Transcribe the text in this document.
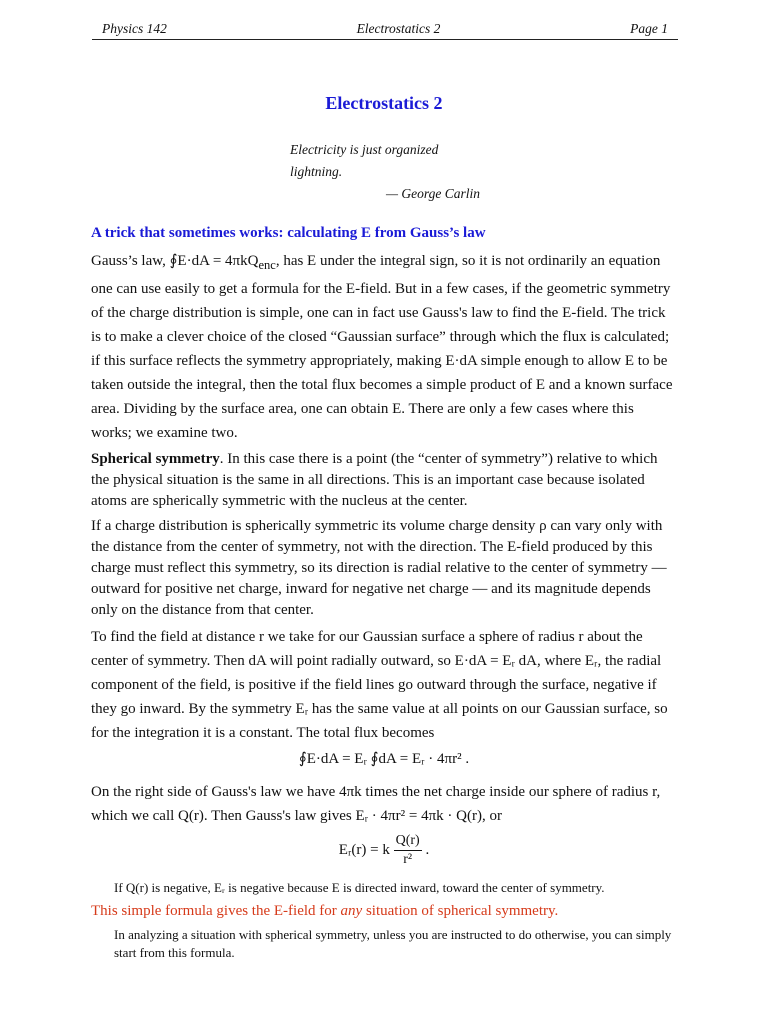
Physics 142	Electrostatics 2	Page 1
Electrostatics 2
Electricity is just organized lightning.
— George Carlin
A trick that sometimes works: calculating E from Gauss’s law

Gauss’s law, ∮E·dA = 4πkQ$_{enc}$, has E under the integral sign, so it is not ordinarily an equation one can use easily to get a formula for the E-field. But in a few cases, if the geometric symmetry of the charge distribution is simple, one can in fact use Gauss's law to find the E-field. The trick is to make a clever choice of the closed “Gaussian surface” through which the flux is calculated; if this surface reflects the symmetry appropriately, making E·dA simple enough to allow E to be taken outside the integral, then the total flux becomes a simple product of E and a known surface area. Dividing by the surface area, one can obtain E. There are only a few cases where this works; we examine two.

Spherical symmetry. In this case there is a point (the “center of symmetry”) relative to which the physical situation is the same in all directions. This is an important case because isolated atoms are spherically symmetric with the nucleus at the center.

If a charge distribution is spherically symmetric its volume charge density ρ can vary only with the distance from the center of symmetry, not with the direction. The E-field produced by this charge must reflect this symmetry, so its direction is radial relative to the center of symmetry — outward for positive net charge, inward for negative net charge — and its magnitude depends only on the distance from that center.

To find the field at distance r we take for our Gaussian surface a sphere of radius r about the center of symmetry. Then dA will point radially outward, so E·dA = Eᵣ dA, where Eᵣ, the radial component of the field, is positive if the field lines go outward through the surface, negative if they go inward. By the symmetry Eᵣ has the same value at all points on our Gaussian surface, so for the integration it is a constant. The total flux becomes

∮E·dA = Eᵣ ∮dA = Eᵣ · 4πr² .

On the right side of Gauss's law we have 4πk times the net charge inside our sphere of radius r, which we call Q(r). Then Gauss's law gives Eᵣ · 4πr² = 4πk · Q(r), or

Eᵣ(r) = k $\frac{Q(r)}{\text{r²}}$ .

If Q(r) is negative, Eᵣ is negative because E is directed inward, toward the center of symmetry.

This simple formula gives the E-field for any situation of spherical symmetry.

In analyzing a situation with spherical symmetry, unless you are instructed to do otherwise, you can simply start from this formula.
